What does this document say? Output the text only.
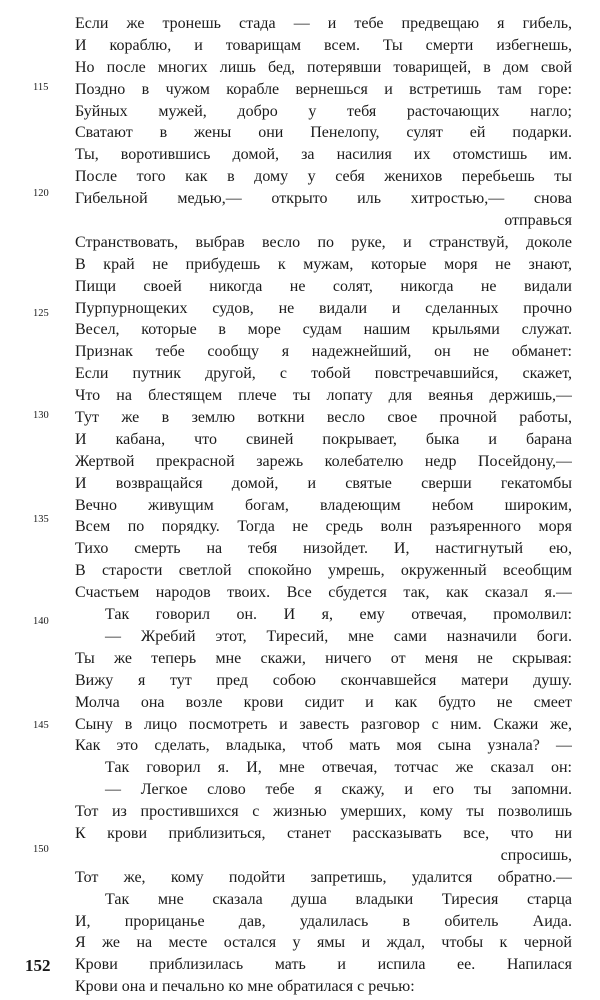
Если же тронешь стада — и тебе предвещаю я гибель,
И кораблю, и товарищам всем. Ты смерти избегнешь,
Но после многих лишь бед, потерявши товарищей, в дом свой
Поздно в чужом корабле вернешься и встретишь там горе:
Буйных мужей, добро у тебя расточающих нагло;
Сватают в жены они Пенелопу, сулят ей подарки.
Ты, воротившись домой, за насилия их отомстишь им.
После того как в дому у себя женихов перебьешь ты
Гибельной медью,— открыто иль хитростью,— снова
отправься
Странствовать, выбрав весло по руке, и странствуй, доколе
В край не прибудешь к мужам, которые моря не знают,
Пищи своей никогда не солят, никогда не видали
Пурпурнощеких судов, не видали и сделанных прочно
Весел, которые в море судам нашим крыльями служат.
Признак тебе сообщу я надежнейший, он не обманет:
Если путник другой, с тобой повстречавшийся, скажет,
Что на блестящем плече ты лопату для веянья держишь,—
Тут же в землю воткни весло свое прочной работы,
И кабана, что свиней покрывает, быка и барана
Жертвой прекрасной зарежь колебателю недр Посейдону,—
И возвращайся домой, и святые сверши гекатомбы
Вечно живущим богам, владеющим небом широким,
Всем по порядку. Тогда не средь волн разъяренного моря
Тихо смерть на тебя низойдет. И, настигнутый ею,
В старости светлой спокойно умрешь, окруженный всеобщим
Счастьем народов твоих. Все сбудется так, как сказал я.—
Так говорил он. И я, ему отвечая, промолвил:
— Жребий этот, Тиресий, мне сами назначили боги.
Ты же теперь мне скажи, ничего от меня не скрывая:
Вижу я тут пред собою скончавшейся матери душу.
Молча она возле крови сидит и как будто не смеет
Сыну в лицо посмотреть и завесть разговор с ним. Скажи же,
Как это сделать, владыка, чтоб мать моя сына узнала? —
Так говорил я. И, мне отвечая, тотчас же сказал он:
— Легкое слово тебе я скажу, и его ты запомни.
Тот из простившихся с жизнью умерших, кому ты позволишь
К крови приблизиться, станет рассказывать все, что ни
спросишь,
Тот же, кому подойти запретишь, удалится обратно.—
Так мне сказала душа владыки Тиресия старца
И, прорицанье дав, удалилась в обитель Аида.
Я же на месте остался у ямы и ждал, чтобы к черной
Крови приблизилась мать и испила ее. Напилася
Крови она и печально ко мне обратилася с речью:
115
120
125
130
135
140
145
150
152
